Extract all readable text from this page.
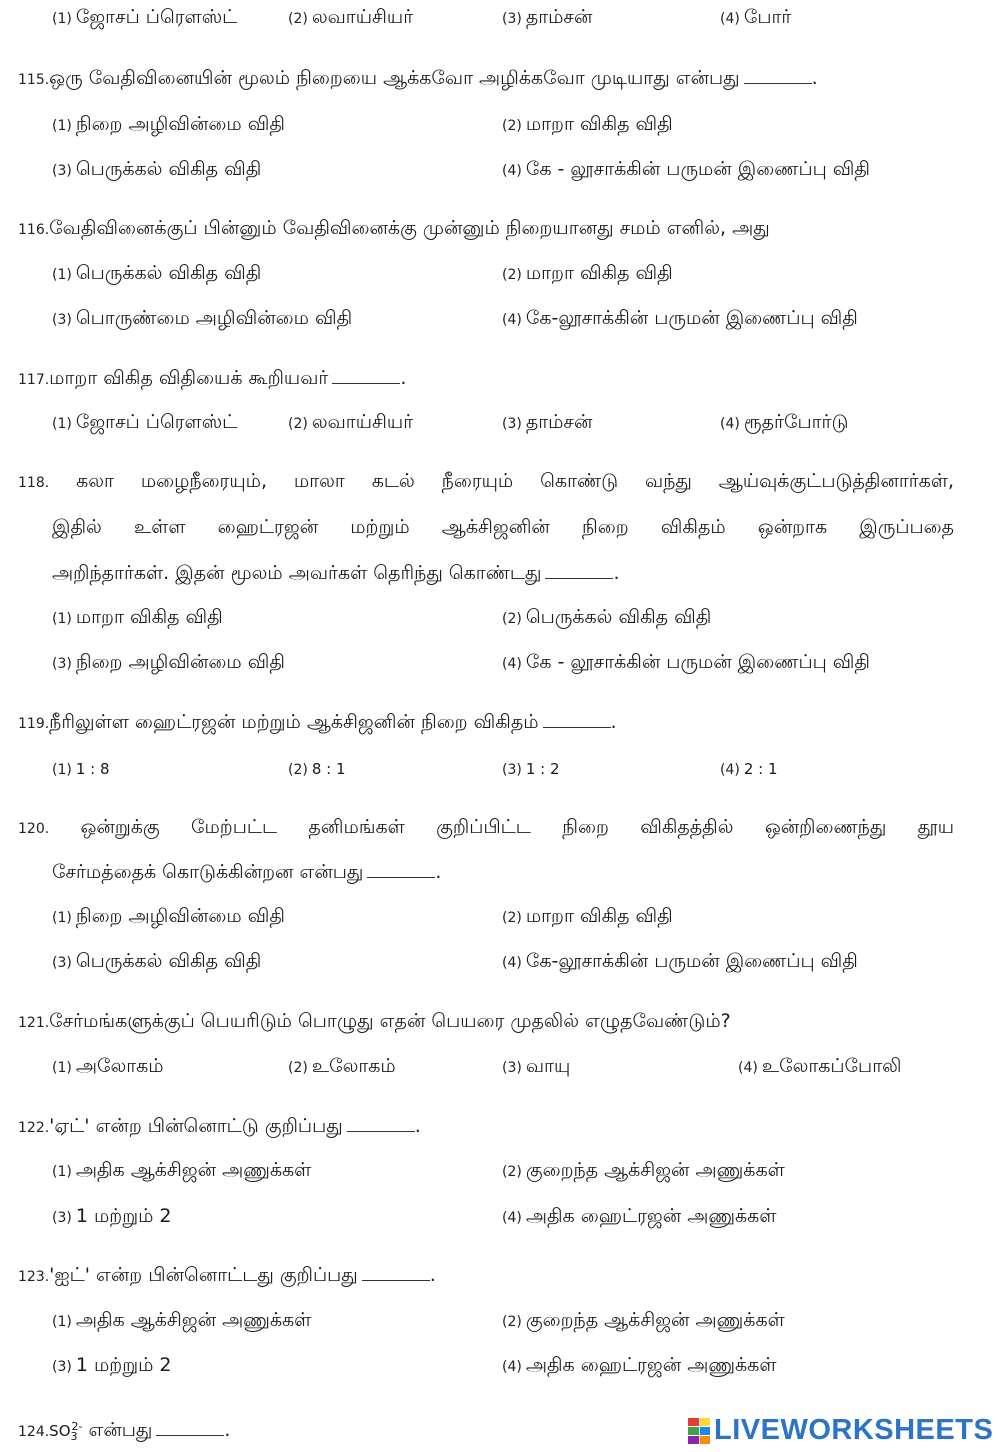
(1) ஜோசப் ப்ரெளஸ்ட்	(2) லவாய்சியர்	(3) தாம்சன்	(4) போர்
115.ஒரு வேதிவினையின் மூலம் நிறையை ஆக்கவோ அழிக்கவோ முடியாது என்பது	.
(1) நிறை அழிவின்மை விதி	(2) மாறா விகித விதி
(3) பெருக்கல் விகித விதி	(4) கே - லூசாக்கின் பருமன் இணைப்பு விதி
116.வேதிவினைக்குப் பின்னும் வேதிவினைக்கு முன்னும் நிறையானது சமம் எனில், அது
(1) பெருக்கல் விகித விதி	(2) மாறா விகித விதி
(3) பொருண்மை அழிவின்மை விதி	(4) கே-லூசாக்கின் பருமன் இணைப்பு விதி
117.மாறா விகித விதியைக் கூறியவர்	.
(1) ஜோசப் ப்ரெளஸ்ட்	(2) லவாய்சியர்	(3) தாம்சன்	(4) ரூதர்போர்டு
118. கலா மழைநீரையும், மாலா கடல் நீரையும் கொண்டு வந்து ஆய்வுக்குட்படுத்தினார்கள்,
இதில் உள்ள ஹைட்ரஜன் மற்றும் ஆக்சிஜனின் நிறை விகிதம் ஒன்றாக இருப்பதை
அறிந்தார்கள். இதன் மூலம் அவர்கள் தெரிந்து கொண்டது	.
(1) மாறா விகித விதி	(2) பெருக்கல் விகித விதி
(3) நிறை அழிவின்மை விதி	(4) கே - லூசாக்கின் பருமன் இணைப்பு விதி
119.நீரிலுள்ள ஹைட்ரஜன் மற்றும் ஆக்சிஜனின் நிறை விகிதம்	.
(1) 1 : 8	(2) 8 : 1	(3) 1 : 2	(4) 2 : 1
120. ஒன்றுக்கு மேற்பட்ட தனிமங்கள் குறிப்பிட்ட நிறை விகிதத்தில் ஒன்றிணைந்து தூய
சேர்மத்தைக் கொடுக்கின்றன என்பது	.
(1) நிறை அழிவின்மை விதி	(2) மாறா விகித விதி
(3) பெருக்கல் விகித விதி	(4) கே-லூசாக்கின் பருமன் இணைப்பு விதி
121.சேர்மங்களுக்குப் பெயரிடும் பொழுது எதன் பெயரை முதலில் எழுதவேண்டும்?
(1) அலோகம்	(2) உலோகம்	(3) வாயு	(4) உலோகப்போலி
122.'ஏட்' என்ற பின்னொட்டு குறிப்பது	.
(1) அதிக ஆக்சிஜன் அணுக்கள்	(2) குறைந்த ஆக்சிஜன் அணுக்கள்
(3) 1 மற்றும் 2	(4) அதிக ஹைட்ரஜன் அணுக்கள்
123.'ஐட்' என்ற பின்னொட்டது குறிப்பது	.
(1) அதிக ஆக்சிஜன் அணுக்கள்	(2) குறைந்த ஆக்சிஜன் அணுக்கள்
(3) 1 மற்றும் 2	(4) அதிக ஹைட்ரஜன் அணுக்கள்
$124.SO_3^{2-}$ என்பது	.	LIVEWORKSHEETS
